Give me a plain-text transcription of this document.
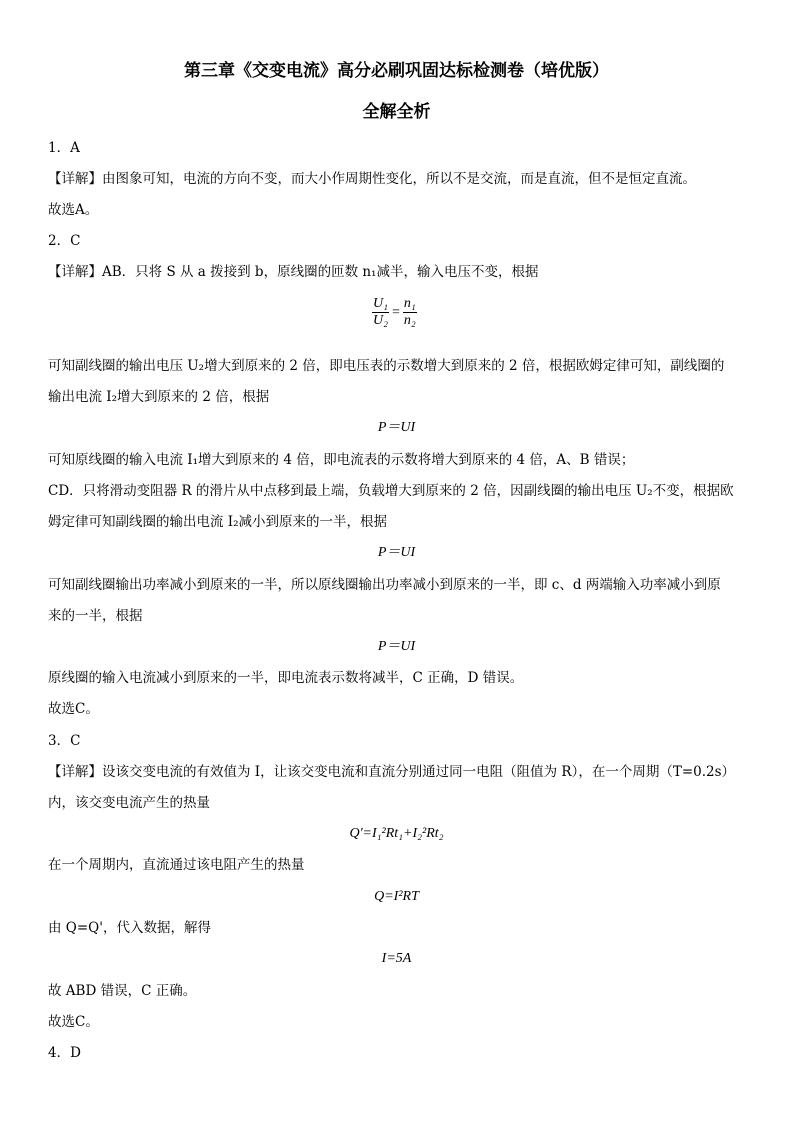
第三章《交变电流》高分必刷巩固达标检测卷（培优版）
全解全析
1．A
【详解】由图象可知，电流的方向不变，而大小作周期性变化，所以不是交流，而是直流，但不是恒定直流。
故选A。
2．C
【详解】AB．只将 S 从 a 拨接到 b，原线圈的匝数 n₁减半，输入电压不变，根据
$\frac{\text{U₁}}{\text{U₂}} = \frac{\text{n₁}}{\text{n₂}}$
可知副线圈的输出电压 U₂增大到原来的 2 倍，即电压表的示数增大到原来的 2 倍，根据欧姆定律可知，副线圈的
输出电流 I₂增大到原来的 2 倍，根据
P＝UI
可知原线圈的输入电流 I₁增大到原来的 4 倍，即电流表的示数将增大到原来的 4 倍，A、B 错误；
CD．只将滑动变阻器 R 的滑片从中点移到最上端，负载增大到原来的 2 倍，因副线圈的输出电压 U₂不变，根据欧
姆定律可知副线圈的输出电流 I₂减小到原来的一半，根据
P＝UI
可知副线圈输出功率减小到原来的一半，所以原线圈输出功率减小到原来的一半，即 c、d 两端输入功率减小到原
来的一半，根据
P＝UI
原线圈的输入电流减小到原来的一半，即电流表示数将减半，C 正确，D 错误。
故选C。
3．C
【详解】设该交变电流的有效值为 I，让该交变电流和直流分别通过同一电阻（阻值为 R），在一个周期（T=0.2s）
内，该交变电流产生的热量
Q'=I₁²Rt₁+I₂²Rt₂
在一个周期内，直流通过该电阻产生的热量
Q=I²RT
由 Q=Q'，代入数据，解得
I=5A
故 ABD 错误，C 正确。
故选C。
4．D
